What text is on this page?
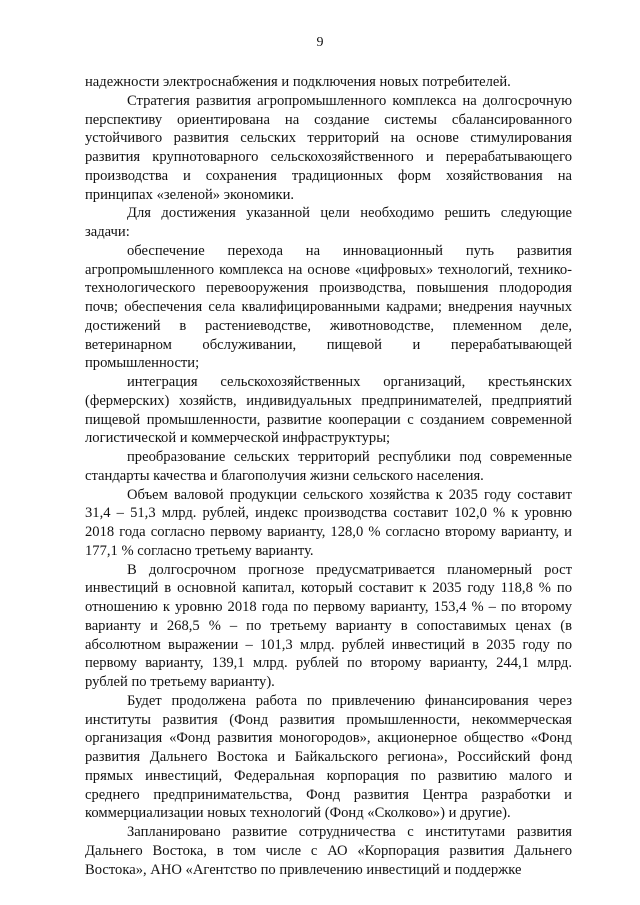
9

надежности электроснабжения и подключения новых потребителей.

Стратегия развития агропромышленного комплекса на долгосрочную перспективу ориентирована на создание системы сбалансированного устойчивого развития сельских территорий на основе стимулирования развития крупнотоварного сельскохозяйственного и перерабатывающего производства и сохранения традиционных форм хозяйствования на принципах «зеленой» экономики.

Для достижения указанной цели необходимо решить следующие задачи:

обеспечение перехода на инновационный путь развития агропромышленного комплекса на основе «цифровых» технологий, технико-технологического перевооружения производства, повышения плодородия почв; обеспечения села квалифицированными кадрами; внедрения научных достижений в растениеводстве, животноводстве, племенном деле, ветеринарном обслуживании, пищевой и перерабатывающей промышленности;

интеграция сельскохозяйственных организаций, крестьянских (фермерских) хозяйств, индивидуальных предпринимателей, предприятий пищевой промышленности, развитие кооперации с созданием современной логистической и коммерческой инфраструктуры;

преобразование сельских территорий республики под современные стандарты качества и благополучия жизни сельского населения.

Объем валовой продукции сельского хозяйства к 2035 году составит 31,4 – 51,3 млрд. рублей, индекс производства составит 102,0 % к уровню 2018 года согласно первому варианту, 128,0 % согласно второму варианту, и 177,1 % согласно третьему варианту.

В долгосрочном прогнозе предусматривается планомерный рост инвестиций в основной капитал, который составит к 2035 году 118,8 % по отношению к уровню 2018 года по первому варианту, 153,4 % – по второму варианту и 268,5 % – по третьему варианту в сопоставимых ценах (в абсолютном выражении – 101,3 млрд. рублей инвестиций в 2035 году по первому варианту, 139,1 млрд. рублей по второму варианту, 244,1 млрд. рублей по третьему варианту).

Будет продолжена работа по привлечению финансирования через институты развития (Фонд развития промышленности, некоммерческая организация «Фонд развития моногородов», акционерное общество «Фонд развития Дальнего Востока и Байкальского региона», Российский фонд прямых инвестиций, Федеральная корпорация по развитию малого и среднего предпринимательства, Фонд развития Центра разработки и коммерциализации новых технологий (Фонд «Сколково») и другие).

Запланировано развитие сотрудничества с институтами развития Дальнего Востока, в том числе с АО «Корпорация развития Дальнего Востока», АНО «Агентство по привлечению инвестиций и поддержке
